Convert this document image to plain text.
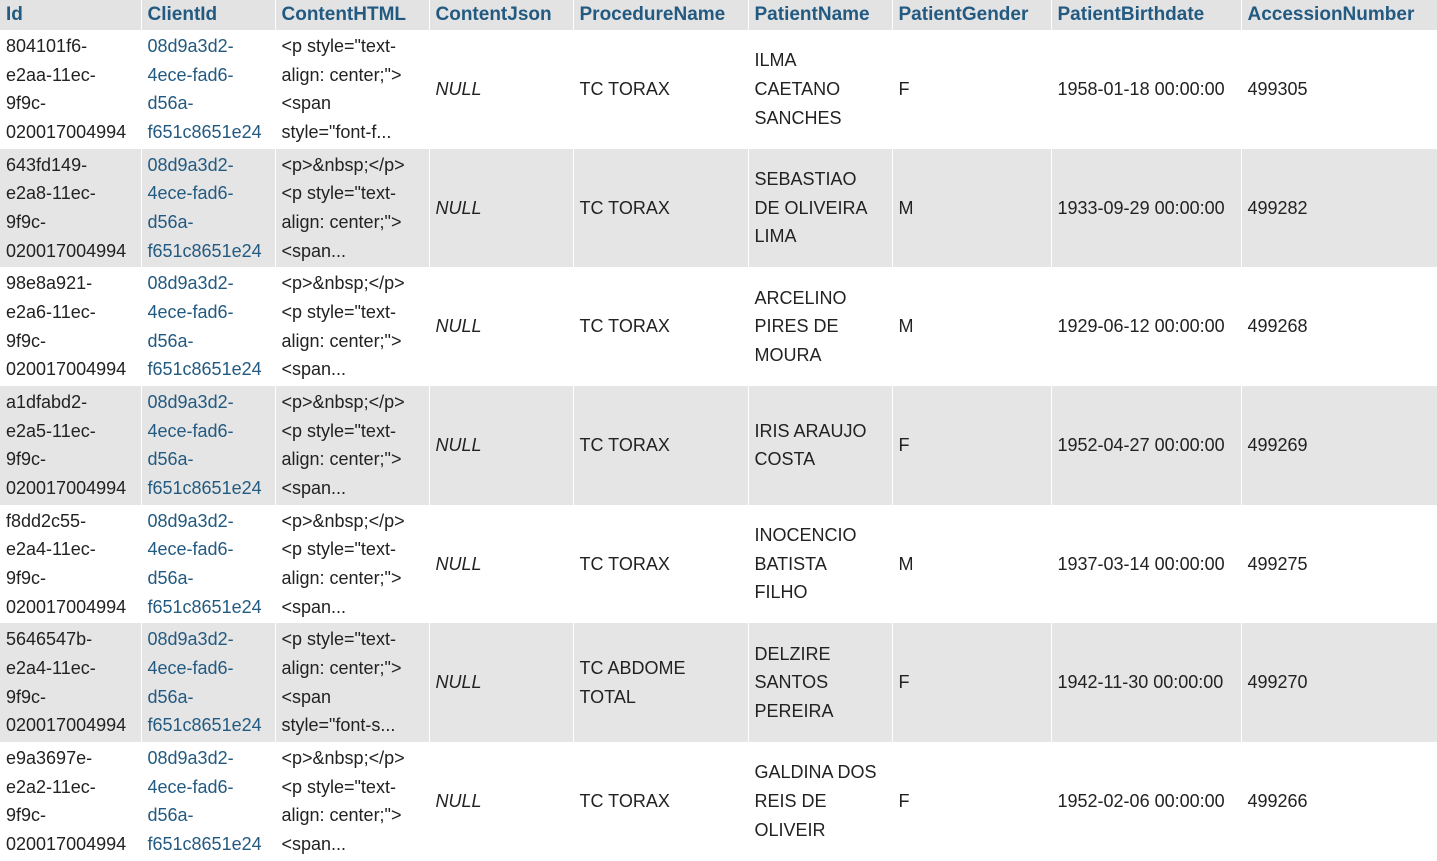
Id	ClientId	ContentHTML	ContentJson	ProcedureName	PatientName	PatientGender	PatientBirthdate	AccessionNumber

804101f6-
e2aa-11ec-
9f9c-
020017004994	08d9a3d2-
4ece-fad6-
d56a-
f651c8651e24	<p style="text-
align: center;">
<span
style="font-f...	NULL	TC TORAX	ILMA
CAETANO
SANCHES	F	1958-01-18 00:00:00	499305

643fd149-
e2a8-11ec-
9f9c-
020017004994	08d9a3d2-
4ece-fad6-
d56a-
f651c8651e24	<p>&nbsp;</p>
<p style="text-
align: center;">
<span...	NULL	TC TORAX	SEBASTIAO
DE OLIVEIRA
LIMA	M	1933-09-29 00:00:00	499282

98e8a921-
e2a6-11ec-
9f9c-
020017004994	08d9a3d2-
4ece-fad6-
d56a-
f651c8651e24	<p>&nbsp;</p>
<p style="text-
align: center;">
<span...	NULL	TC TORAX	ARCELINO
PIRES DE
MOURA	M	1929-06-12 00:00:00	499268

a1dfabd2-
e2a5-11ec-
9f9c-
020017004994	08d9a3d2-
4ece-fad6-
d56a-
f651c8651e24	<p>&nbsp;</p>
<p style="text-
align: center;">
<span...	NULL	TC TORAX	IRIS ARAUJO
COSTA	F	1952-04-27 00:00:00	499269

f8dd2c55-
e2a4-11ec-
9f9c-
020017004994	08d9a3d2-
4ece-fad6-
d56a-
f651c8651e24	<p>&nbsp;</p>
<p style="text-
align: center;">
<span...	NULL	TC TORAX	INOCENCIO
BATISTA
FILHO	M	1937-03-14 00:00:00	499275

5646547b-
e2a4-11ec-
9f9c-
020017004994	08d9a3d2-
4ece-fad6-
d56a-
f651c8651e24	<p style="text-
align: center;">
<span
style="font-s...	NULL	TC ABDOME
TOTAL	DELZIRE
SANTOS
PEREIRA	F	1942-11-30 00:00:00	499270

e9a3697e-
e2a2-11ec-
9f9c-
020017004994	08d9a3d2-
4ece-fad6-
d56a-
f651c8651e24	<p>&nbsp;</p>
<p style="text-
align: center;">
<span...	NULL	TC TORAX	GALDINA DOS
REIS DE
OLIVEIR	F	1952-02-06 00:00:00	499266
